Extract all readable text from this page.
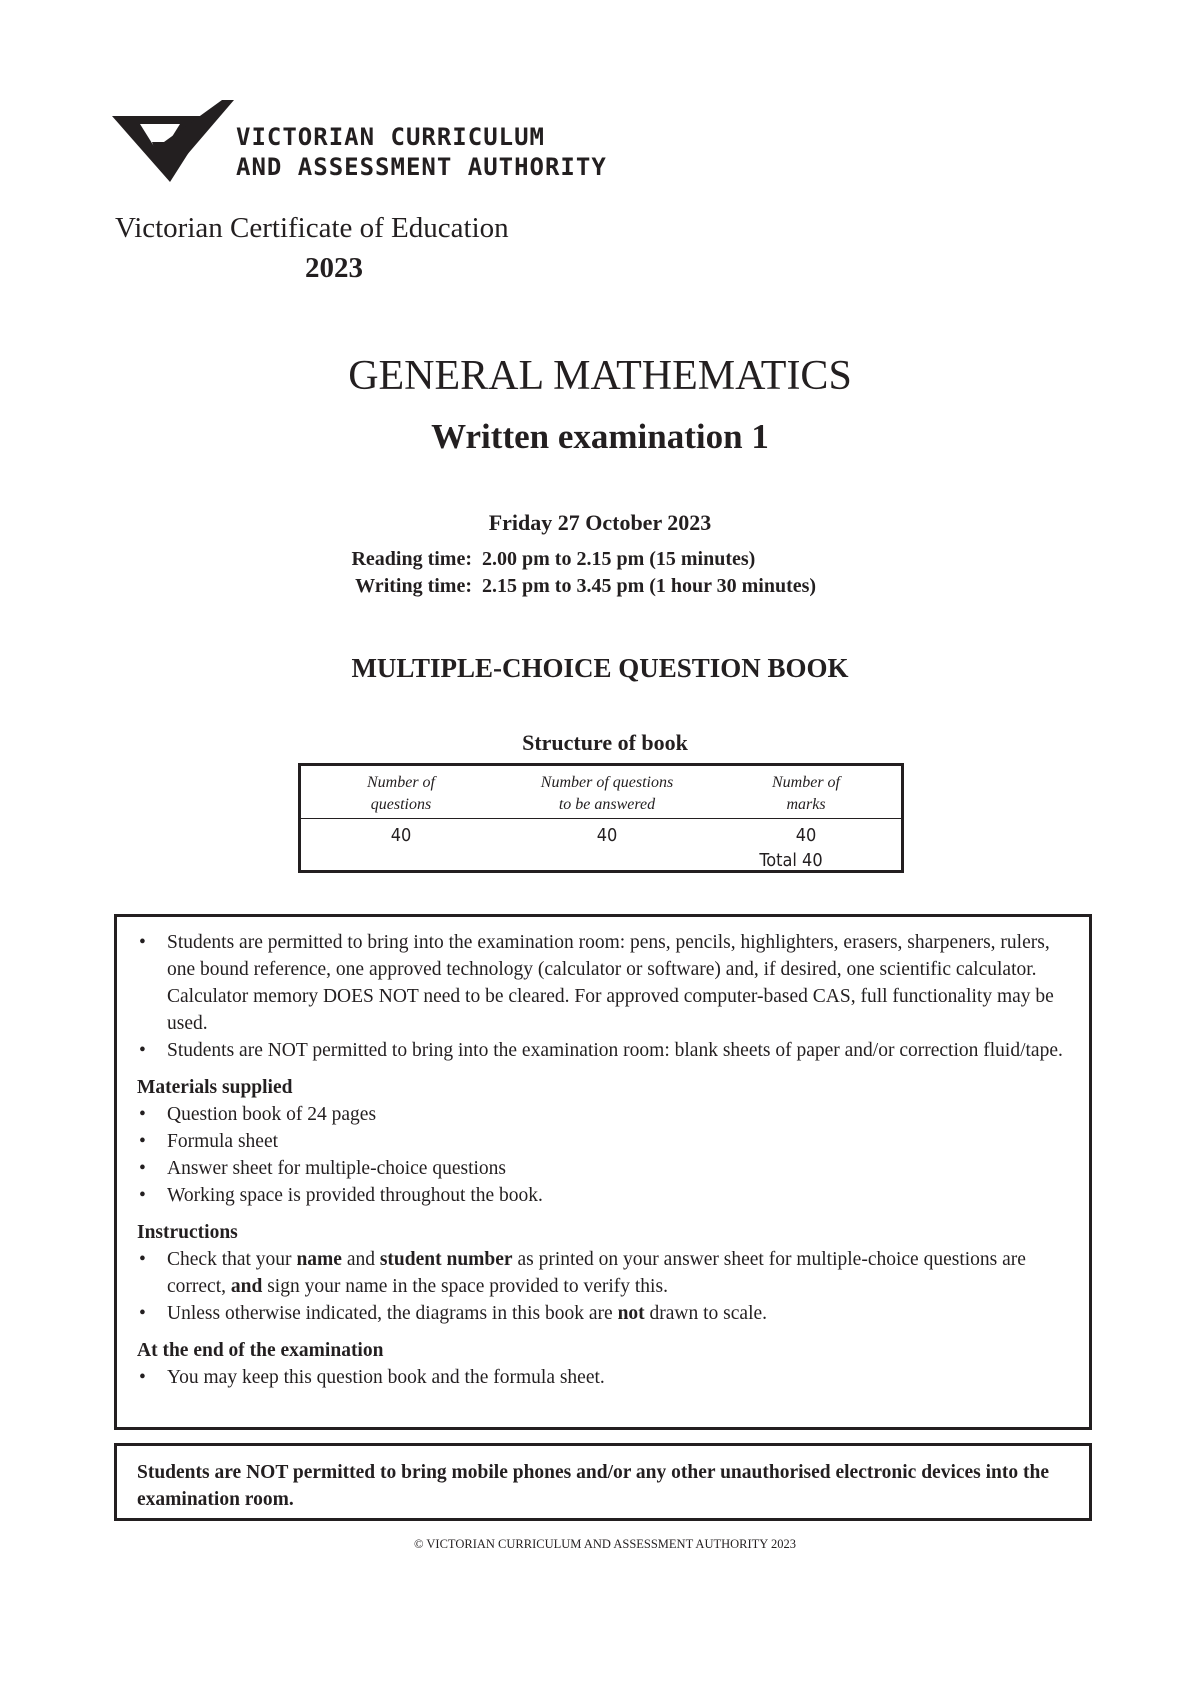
VICTORIAN CURRICULUM
AND ASSESSMENT AUTHORITY
Victorian Certificate of Education
2023
GENERAL MATHEMATICS
Written examination 1
Friday 27 October 2023
Reading time: 2.00 pm to 2.15 pm (15 minutes)
Writing time: 2.15 pm to 3.45 pm (1 hour 30 minutes)
MULTIPLE-CHOICE QUESTION BOOK
Structure of book
Number of
questions
Number of questions
to be answered
Number of
marks
40	40	40
Total 40
• Students are permitted to bring into the examination room: pens, pencils, highlighters, erasers, sharpeners, rulers, one bound reference, one approved technology (calculator or software) and, if desired, one scientific calculator. Calculator memory DOES NOT need to be cleared. For approved computer-based CAS, full functionality may be used.
• Students are NOT permitted to bring into the examination room: blank sheets of paper and/or correction fluid/tape.
Materials supplied
• Question book of 24 pages
• Formula sheet
• Answer sheet for multiple-choice questions
• Working space is provided throughout the book.
Instructions
• Check that your name and student number as printed on your answer sheet for multiple-choice questions are correct, and sign your name in the space provided to verify this.
• Unless otherwise indicated, the diagrams in this book are not drawn to scale.
At the end of the examination
• You may keep this question book and the formula sheet.
Students are NOT permitted to bring mobile phones and/or any other unauthorised electronic devices into the examination room.
© VICTORIAN CURRICULUM AND ASSESSMENT AUTHORITY 2023
